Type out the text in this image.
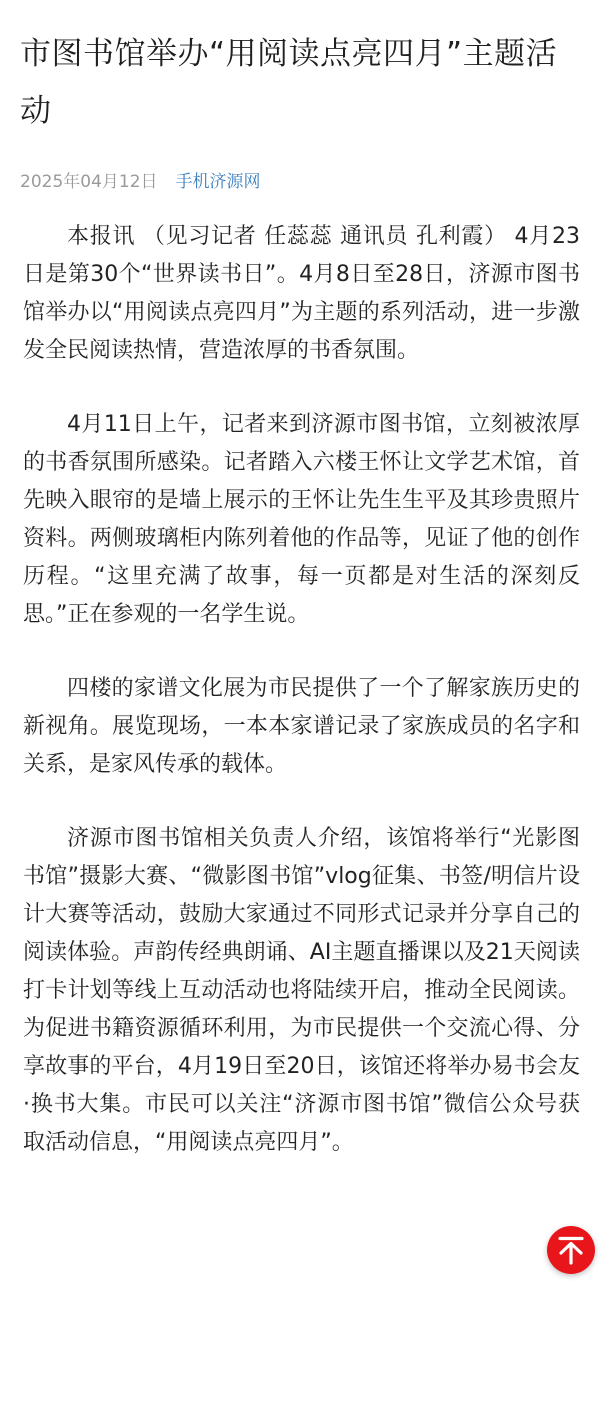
市图书馆举办“用阅读点亮四月”主题活动
2025年04月12日 手机济源网

本报讯 （见习记者 任蕊蕊 通讯员 孔利霞） 4月23日是第30个“世界读书日”。4月8日至28日，济源市图书馆举办以“用阅读点亮四月”为主题的系列活动，进一步激发全民阅读热情，营造浓厚的书香氛围。

4月11日上午，记者来到济源市图书馆，立刻被浓厚的书香氛围所感染。记者踏入六楼王怀让文学艺术馆，首先映入眼帘的是墙上展示的王怀让先生生平及其珍贵照片资料。两侧玻璃柜内陈列着他的作品等，见证了他的创作历程。“这里充满了故事，每一页都是对生活的深刻反思。”正在参观的一名学生说。

四楼的家谱文化展为市民提供了一个了解家族历史的新视角。展览现场，一本本家谱记录了家族成员的名字和关系，是家风传承的载体。

济源市图书馆相关负责人介绍，该馆将举行“光影图书馆”摄影大赛、“微影图书馆”vlog征集、书签/明信片设计大赛等活动，鼓励大家通过不同形式记录并分享自己的阅读体验。声韵传经典朗诵、AI主题直播课以及21天阅读打卡计划等线上互动活动也将陆续开启，推动全民阅读。为促进书籍资源循环利用，为市民提供一个交流心得、分享故事的平台，4月19日至20日，该馆还将举办易书会友·换书大集。市民可以关注“济源市图书馆”微信公众号获取活动信息，“用阅读点亮四月”。
